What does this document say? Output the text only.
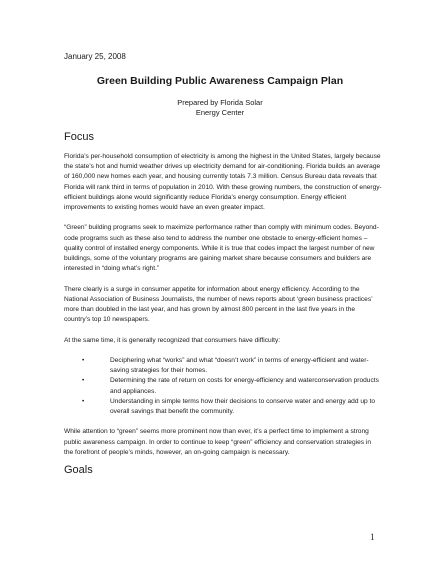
January 25, 2008
Green Building Public Awareness Campaign Plan
Prepared by Florida Solar
Energy Center
Focus

Florida’s per-household consumption of electricity is among the highest in the United States, largely because the state’s hot and humid weather drives up electricity demand for air-conditioning. Florida builds an average of 160,000 new homes each year, and housing currently totals 7.3 million. Census Bureau data reveals that Florida will rank third in terms of population in 2010. With these growing numbers, the construction of energy-efficient buildings alone would significantly reduce Florida’s energy consumption. Energy efficient improvements to existing homes would have an even greater impact.

“Green” building programs seek to maximize performance rather than comply with minimum codes. Beyond-code programs such as these also tend to address the number one obstacle to energy-efficient homes – quality control of installed energy components. While it is true that codes impact the largest number of new buildings, some of the voluntary programs are gaining market share because consumers and builders are interested in “doing what’s right.”

There clearly is a surge in consumer appetite for information about energy efficiency. According to the National Association of Business Journalists, the number of news reports about ‘green business practices’ more than doubled in the last year, and has grown by almost 800 percent in the last five years in the country’s top 10 newspapers.

At the same time, it is generally recognized that consumers have difficulty:

•	Deciphering what “works” and what “doesn’t work” in terms of energy-efficient and water-saving strategies for their homes.
•	Determining the rate of return on costs for energy-efficiency and waterconservation products and appliances.
•	Understanding in simple terms how their decisions to conserve water and energy add up to overall savings that benefit the community.

While attention to “green” seems more prominent now than ever, it’s a perfect time to implement a strong public awareness campaign. In order to continue to keep “green” efficiency and conservation strategies in the forefront of people’s minds, however, an on-going campaign is necessary.

Goals
1
